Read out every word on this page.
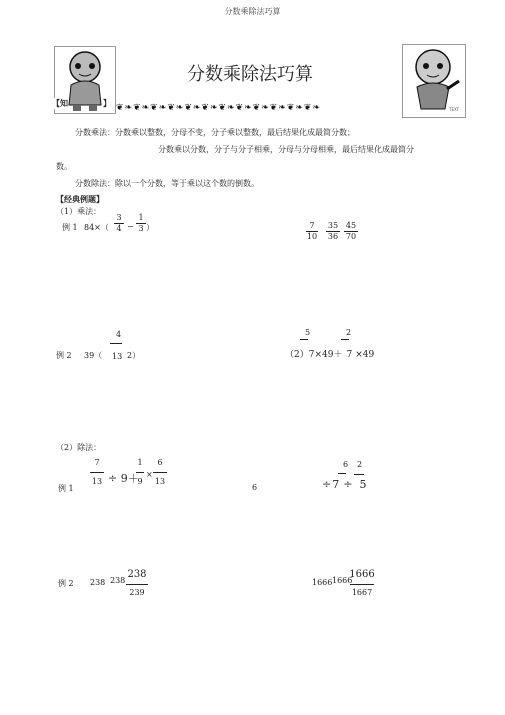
分数乘除法巧算
【知	】
分数乘除法巧算
❦❧❦❧❦❧❦❧❦❧❦❧❦❧❦❧❦❧❦❧❦❧❦❧	TEXT
分数乘法：分数乘以整数，分母不变，分子乘以整数，最后结果化成最简分数；
分数乘以分数，分子与分子相乘，分母与分母相乘，最后结果化成最简分
数。
分数除法：除以一个分数，等于乘以这个数的倒数。
【经典例题】
（1）乘法：
例 1 84×（
3
4 −
1
3 ）	7
10
35
36
45
70
4
例 2 39（ 13 2）
5	2
（2）7×49＋ 7 ×49
（2）除法：
例 1
7
13 ÷ 9＋
1
9
×
6
13
6
6 2
÷7 ÷ 5
例 2 238 238
238
239
1666 1666
1666
1667
